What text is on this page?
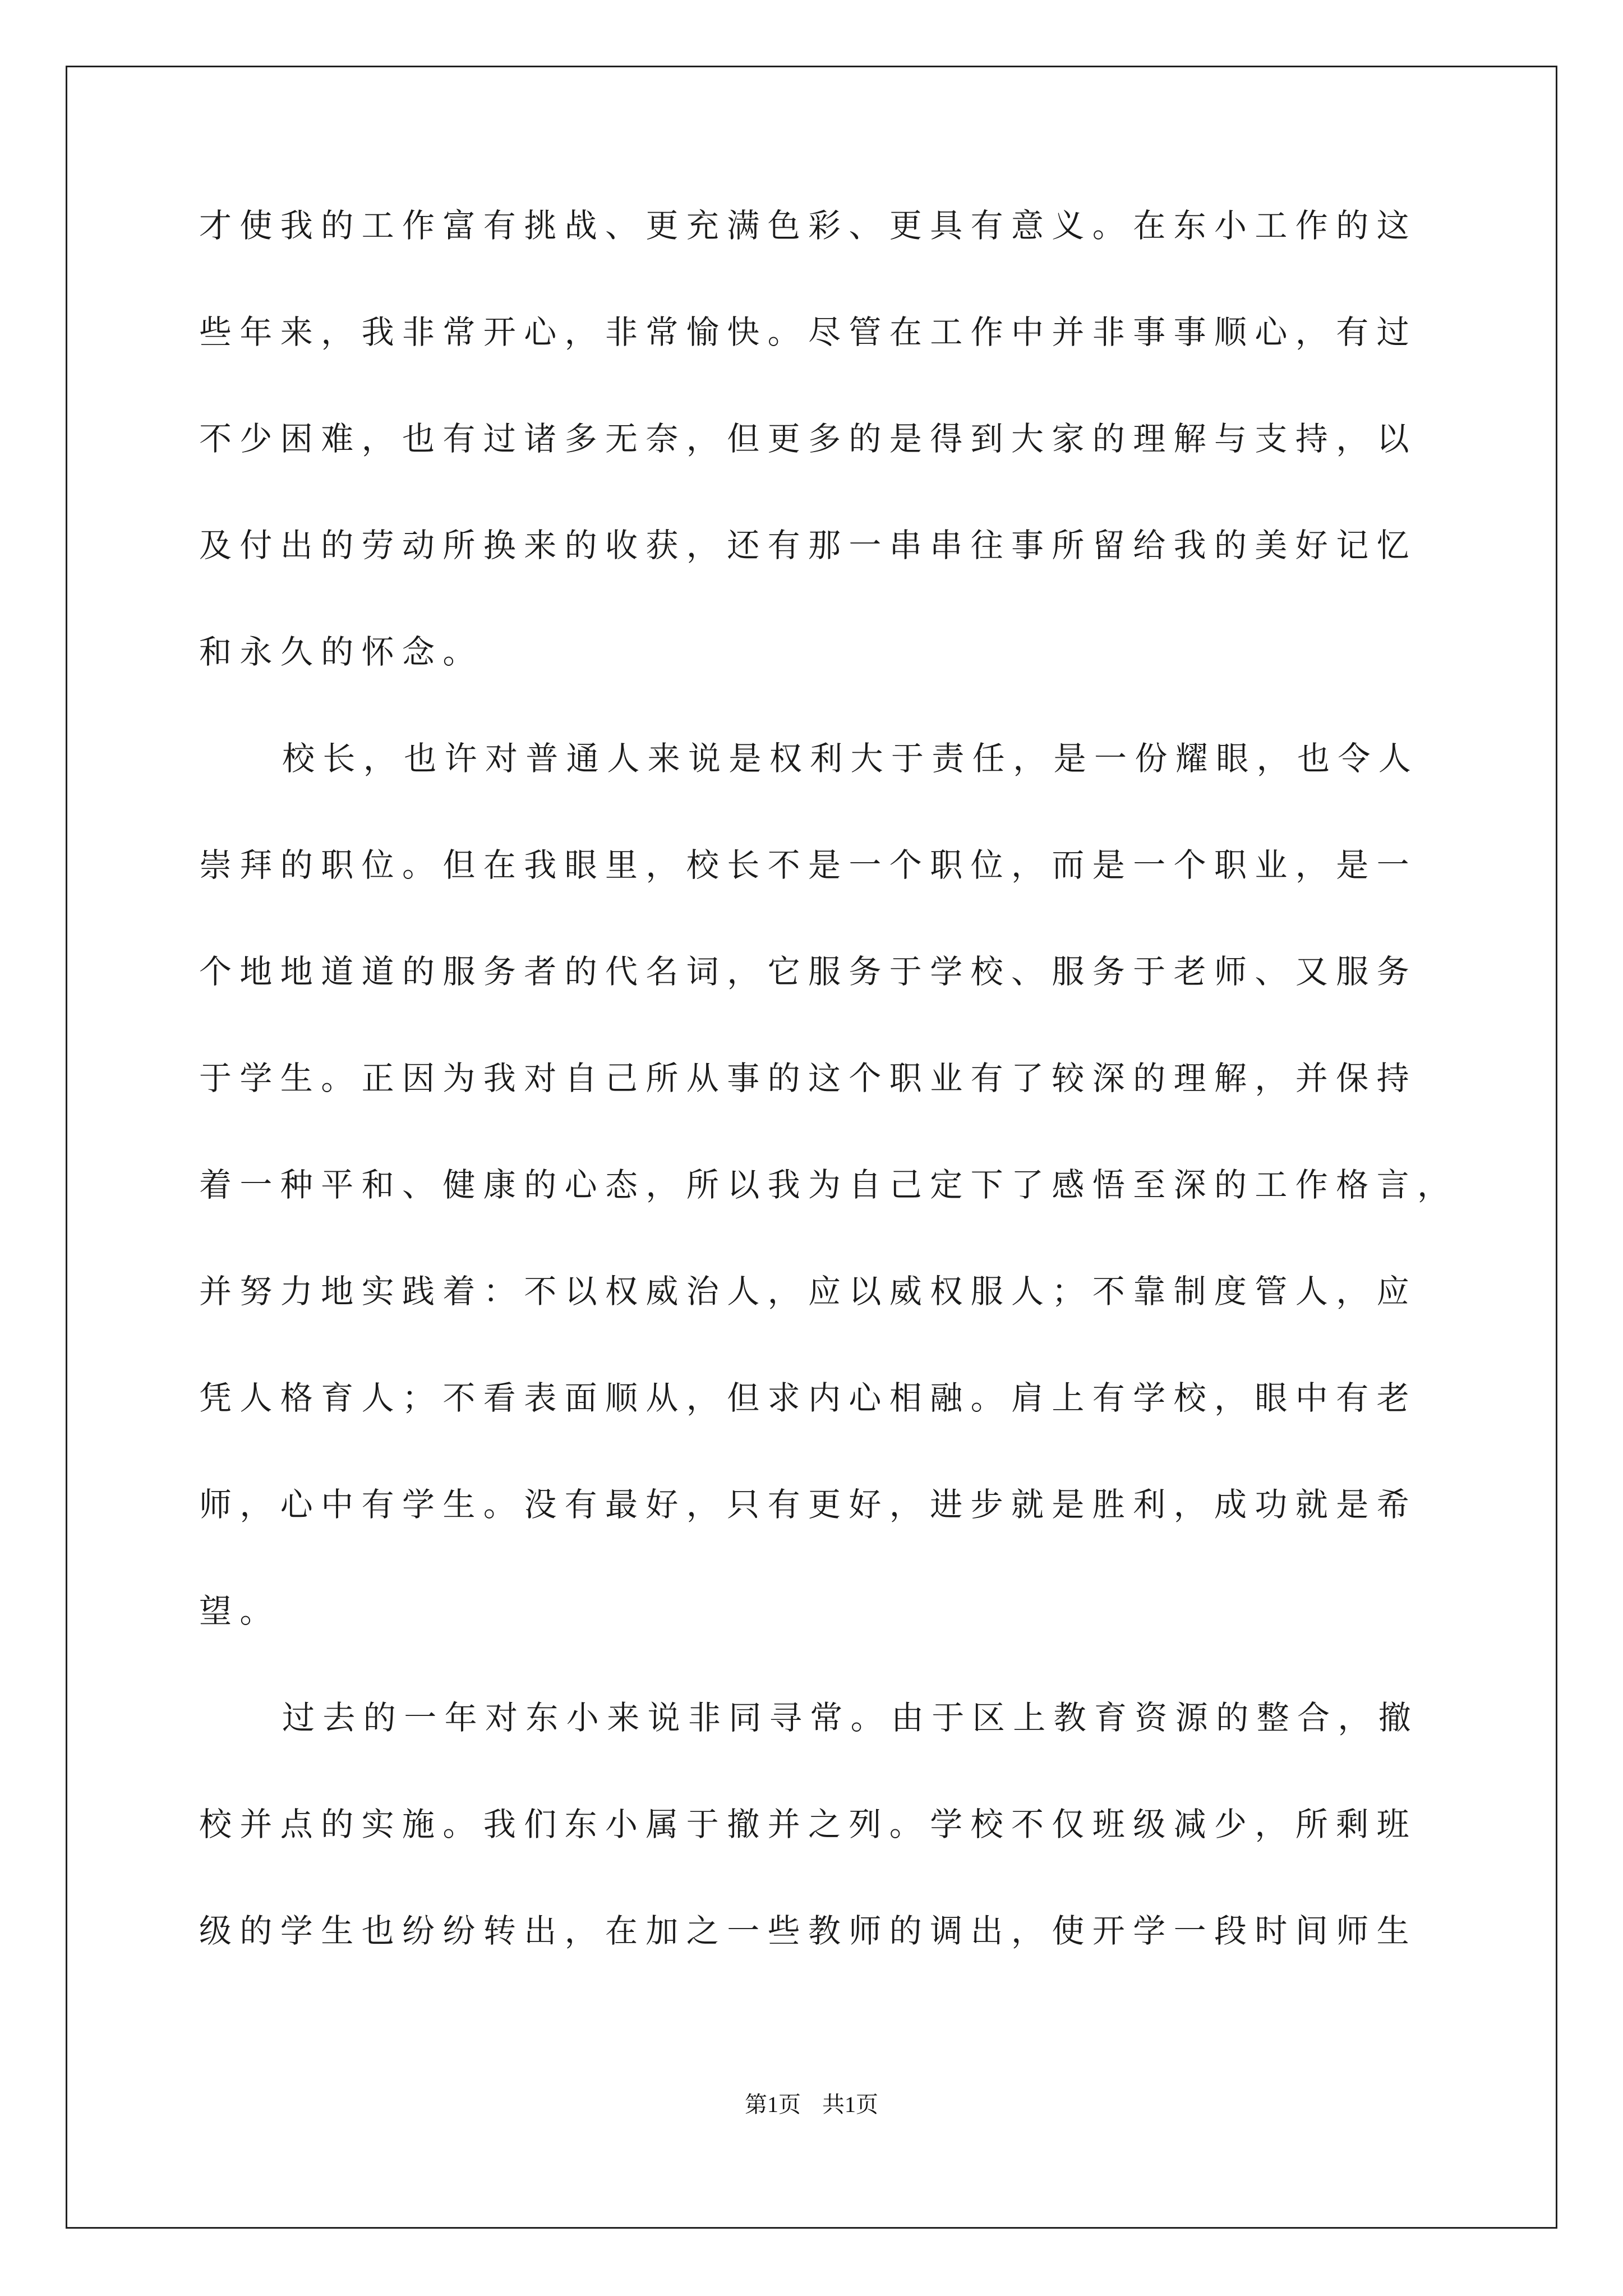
才使我的工作富有挑战、更充满色彩、更具有意义。在东小工作的这
些年来，我非常开心，非常愉快。尽管在工作中并非事事顺心，有过
不少困难，也有过诸多无奈，但更多的是得到大家的理解与支持，以
及付出的劳动所换来的收获，还有那一串串往事所留给我的美好记忆
和永久的怀念。
校长，也许对普通人来说是权利大于责任，是一份耀眼，也令人
崇拜的职位。但在我眼里，校长不是一个职位，而是一个职业，是一
个地地道道的服务者的代名词，它服务于学校、服务于老师、又服务
于学生。正因为我对自己所从事的这个职业有了较深的理解，并保持
着一种平和、健康的心态，所以我为自己定下了感悟至深的工作格言，
并努力地实践着：不以权威治人，应以威权服人；不靠制度管人，应
凭人格育人；不看表面顺从，但求内心相融。肩上有学校，眼中有老
师，心中有学生。没有最好，只有更好，进步就是胜利，成功就是希
望。
过去的一年对东小来说非同寻常。由于区上教育资源的整合，撤
校并点的实施。我们东小属于撤并之列。学校不仅班级减少，所剩班
级的学生也纷纷转出，在加之一些教师的调出，使开学一段时间师生
第1页 共1页
